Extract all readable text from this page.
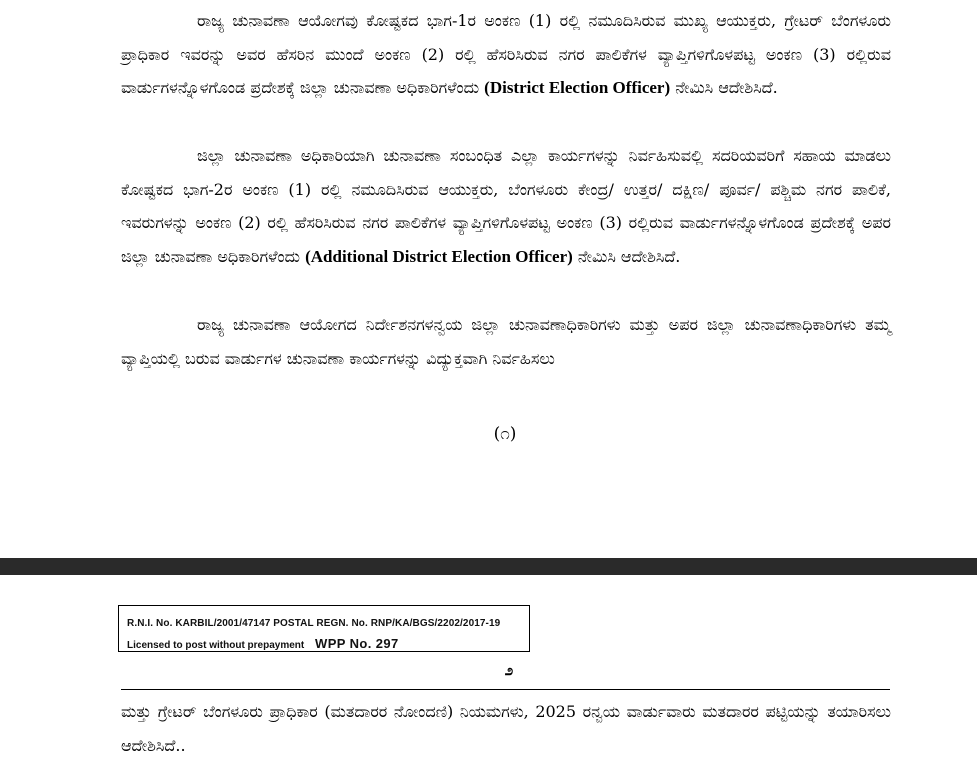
ರಾಜ್ಯ ಚುನಾವಣಾ ಆಯೋಗವು ಕೋಷ್ಟಕದ ಭಾಗ-1ರ ಅಂಕಣ (1) ರಲ್ಲಿ ನಮೂದಿಸಿರುವ ಮುಖ್ಯ ಆಯುಕ್ತರು, ಗ್ರೇಟರ್ ಬೆಂಗಳೂರು ಪ್ರಾಧಿಕಾರ ಇವರನ್ನು ಅವರ ಹೆಸರಿನ ಮುಂದೆ ಅಂಕಣ (2) ರಲ್ಲಿ ಹೆಸರಿಸಿರುವ ನಗರ ಪಾಲಿಕೆಗಳ ವ್ಯಾಪ್ತಿಗಳಿಗೊಳಪಟ್ಟ ಅಂಕಣ (3) ರಲ್ಲಿರುವ ವಾರ್ಡುಗಳನ್ನೊಳಗೊಂಡ ಪ್ರದೇಶಕ್ಕೆ ಜಿಲ್ಲಾ ಚುನಾವಣಾ ಅಧಿಕಾರಿಗಳೆಂದು (District Election Officer) ನೇಮಿಸಿ ಆದೇಶಿಸಿದೆ.

ಜಿಲ್ಲಾ ಚುನಾವಣಾ ಅಧಿಕಾರಿಯಾಗಿ ಚುನಾವಣಾ ಸಂಬಂಧಿತ ಎಲ್ಲಾ ಕಾರ್ಯಗಳನ್ನು ನಿರ್ವಹಿಸುವಲ್ಲಿ ಸದರಿಯವರಿಗೆ ಸಹಾಯ ಮಾಡಲು ಕೋಷ್ಟಕದ ಭಾಗ-2ರ ಅಂಕಣ (1) ರಲ್ಲಿ ನಮೂದಿಸಿರುವ ಆಯುಕ್ತರು, ಬೆಂಗಳೂರು ಕೇಂದ್ರ/ ಉತ್ತರ/ ದಕ್ಷಿಣ/ ಪೂರ್ವ/ ಪಶ್ಚಿಮ ನಗರ ಪಾಲಿಕೆ, ಇವರುಗಳನ್ನು ಅಂಕಣ (2) ರಲ್ಲಿ ಹೆಸರಿಸಿರುವ ನಗರ ಪಾಲಿಕೆಗಳ ವ್ಯಾಪ್ತಿಗಳಿಗೊಳಪಟ್ಟ ಅಂಕಣ (3) ರಲ್ಲಿರುವ ವಾರ್ಡುಗಳನ್ನೊಳಗೊಂಡ ಪ್ರದೇಶಕ್ಕೆ ಅಪರ ಜಿಲ್ಲಾ ಚುನಾವಣಾ ಅಧಿಕಾರಿಗಳೆಂದು (Additional District Election Officer) ನೇಮಿಸಿ ಆದೇಶಿಸಿದೆ.

ರಾಜ್ಯ ಚುನಾವಣಾ ಆಯೋಗದ ನಿರ್ದೇಶನಗಳನ್ವಯ ಜಿಲ್ಲಾ ಚುನಾವಣಾಧಿಕಾರಿಗಳು ಮತ್ತು ಅಪರ ಜಿಲ್ಲಾ ಚುನಾವಣಾಧಿಕಾರಿಗಳು ತಮ್ಮ ವ್ಯಾಪ್ತಿಯಲ್ಲಿ ಬರುವ ವಾರ್ಡುಗಳ ಚುನಾವಣಾ ಕಾರ್ಯಗಳನ್ನು ವಿದ್ಯುಕ್ತವಾಗಿ ನಿರ್ವಹಿಸಲು

(೧)
R.N.I. No. KARBIL/2001/47147 POSTAL REGN. No. RNP/KA/BGS/2202/2017-19
Licensed to post without prepayment WPP No. 297
೨

ಮತ್ತು ಗ್ರೇಟರ್ ಬೆಂಗಳೂರು ಪ್ರಾಧಿಕಾರ (ಮತದಾರರ ನೋಂದಣಿ) ನಿಯಮಗಳು, 2025 ರನ್ವಯ ವಾರ್ಡುವಾರು ಮತದಾರರ ಪಟ್ಟಿಯನ್ನು ತಯಾರಿಸಲು ಆದೇಶಿಸಿದೆ..
